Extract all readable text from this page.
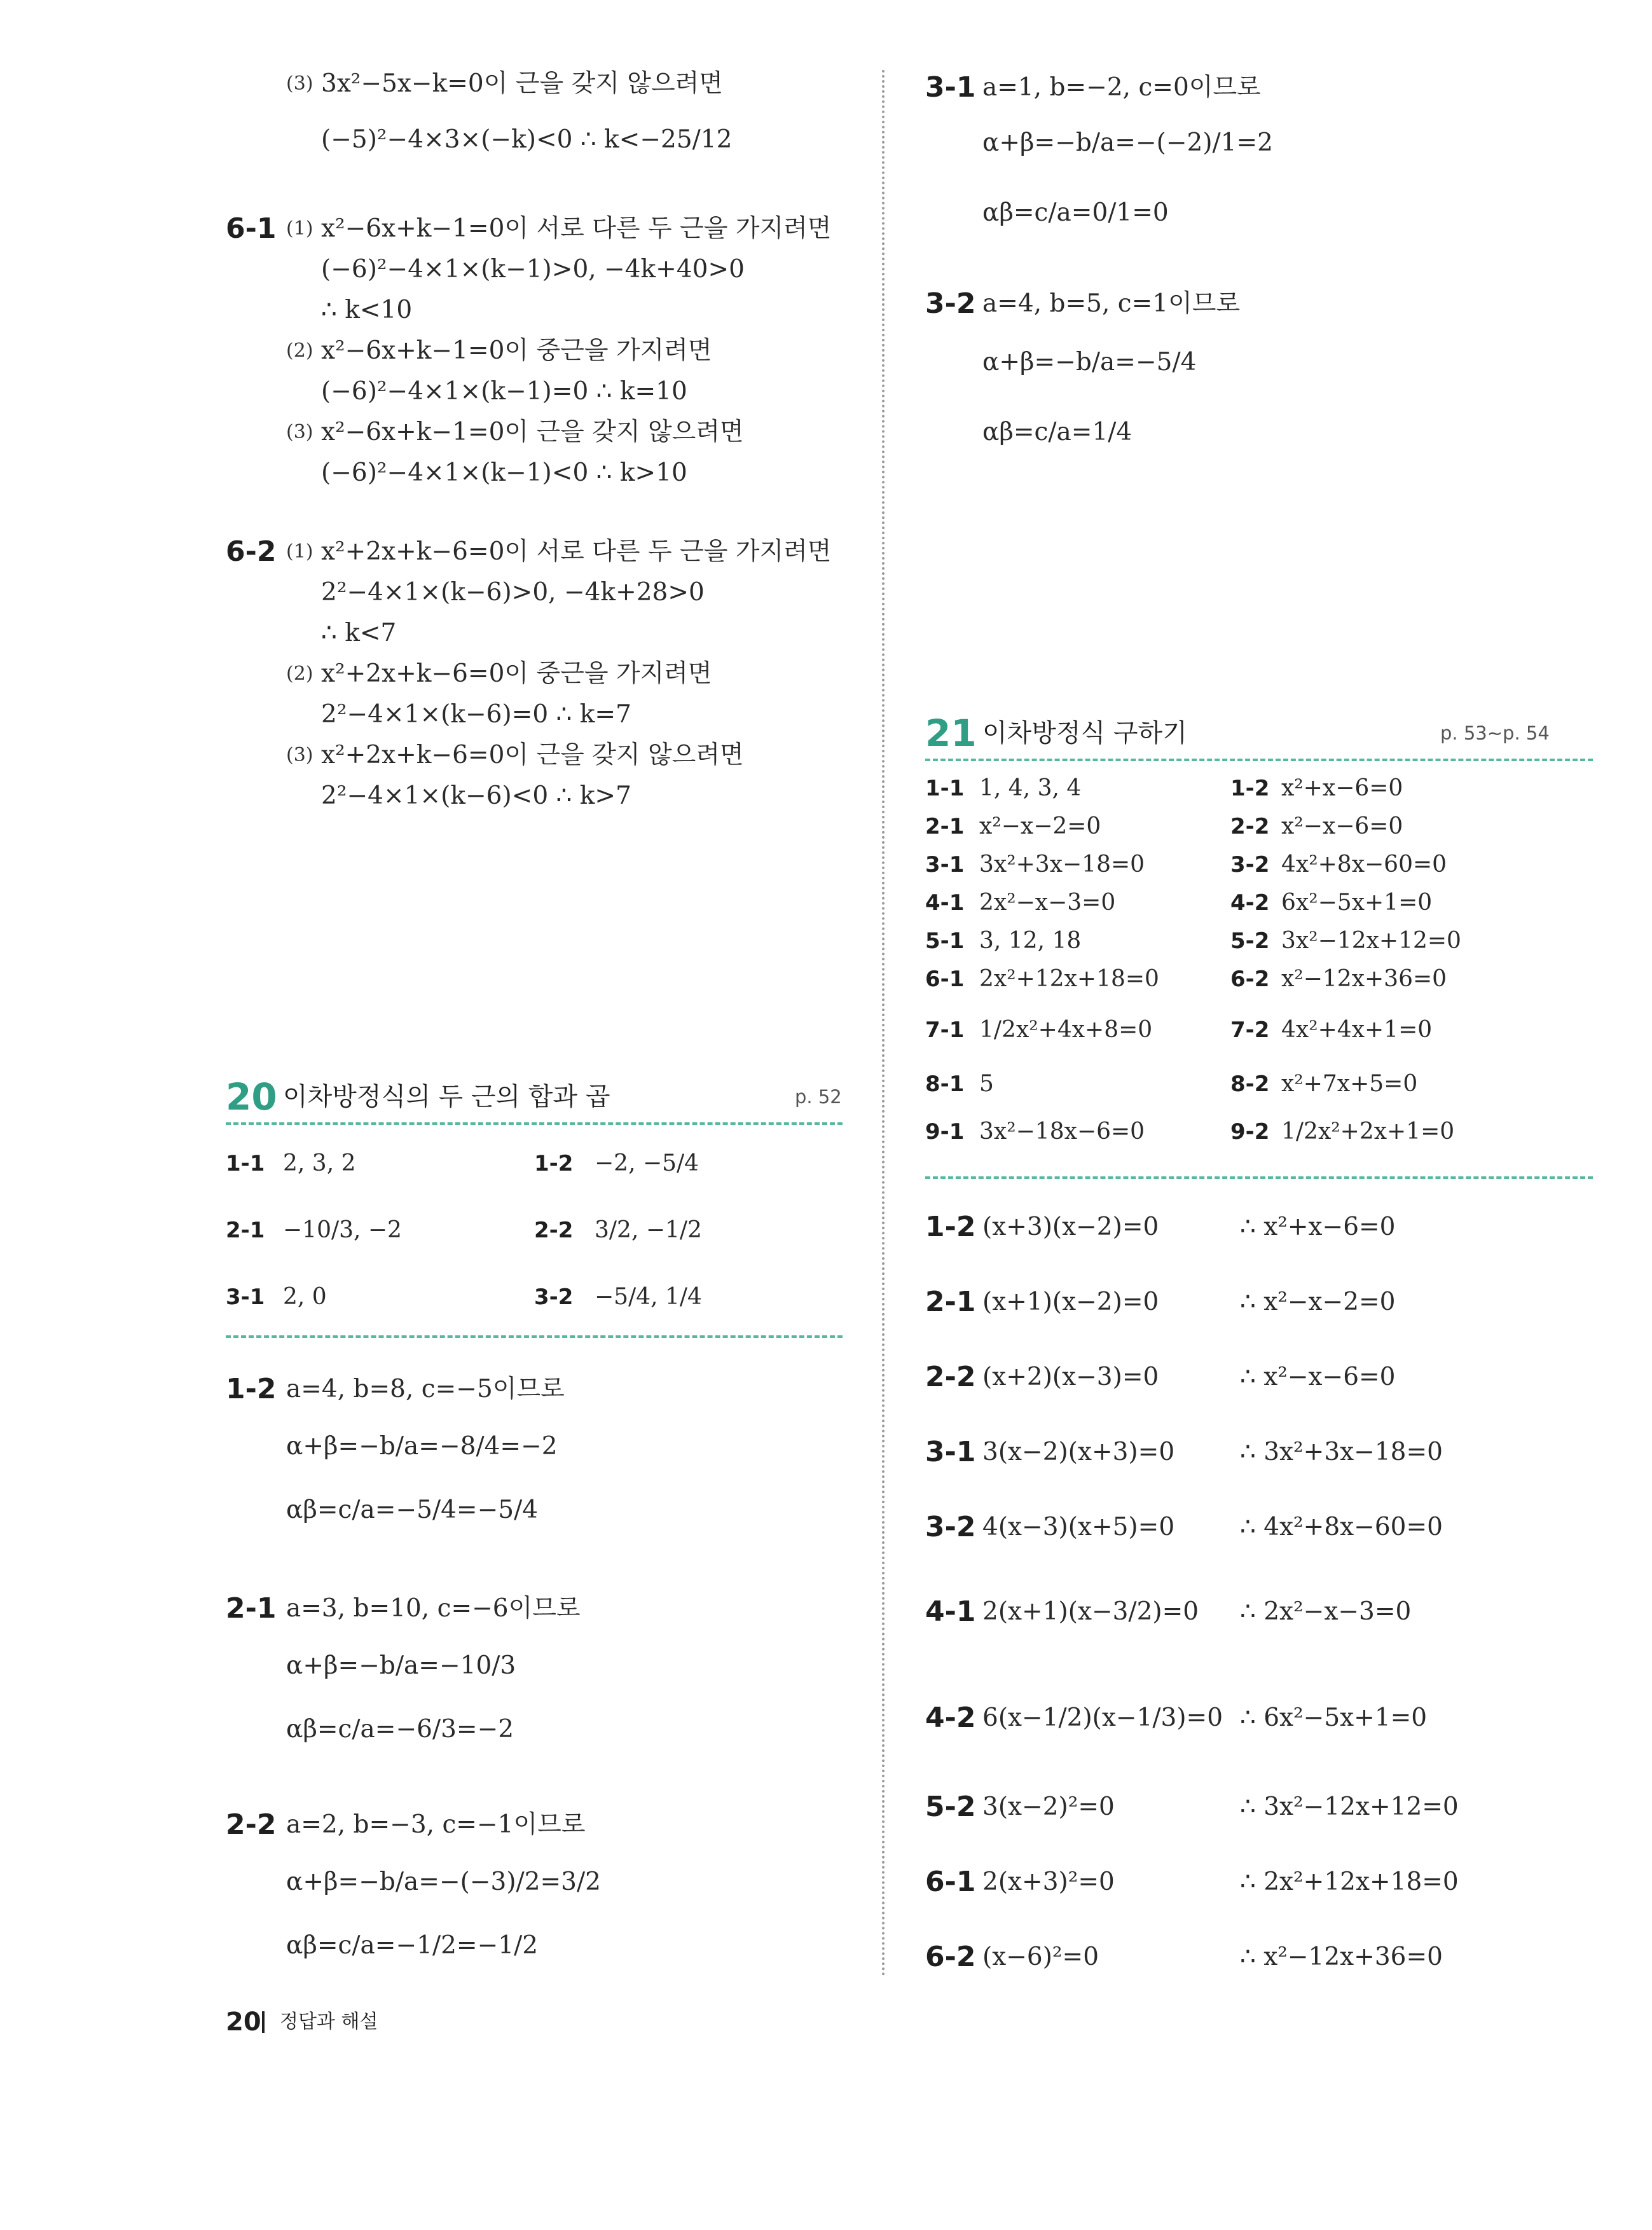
(3) 3x²−5x−k=0이 근을 갖지 않으려면
(−5)²−4×3×(−k)<0 ∴ k<−25/12
6-1 (1) x²−6x+k−1=0이 서로 다른 두 근을 가지려면
(−6)²−4×1×(k−1)>0, −4k+40>0
∴ k<10
(2) x²−6x+k−1=0이 중근을 가지려면
(−6)²−4×1×(k−1)=0 ∴ k=10
(3) x²−6x+k−1=0이 근을 갖지 않으려면
(−6)²−4×1×(k−1)<0 ∴ k>10
6-2 (1) x²+2x+k−6=0이 서로 다른 두 근을 가지려면
2²−4×1×(k−6)>0, −4k+28>0
∴ k<7
(2) x²+2x+k−6=0이 중근을 가지려면
2²−4×1×(k−6)=0 ∴ k=7
(3) x²+2x+k−6=0이 근을 갖지 않으려면
2²−4×1×(k−6)<0 ∴ k>7
20 이차방정식의 두 근의 합과 곱	p. 52
1-1 2, 3, 2	1-2 −2, −5/4
2-1 −10/3, −2	2-2 3/2, −1/2
3-1 2, 0	3-2 −5/4, 1/4
1-2 a=4, b=8, c=−5이므로
α+β=−b/a=−8/4=−2
αβ=c/a=−5/4=−5/4
2-1 a=3, b=10, c=−6이므로
α+β=−b/a=−10/3
αβ=c/a=−6/3=−2
2-2 a=2, b=−3, c=−1이므로
α+β=−b/a=−(−3)/2=3/2
αβ=c/a=−1/2=−1/2
20 정답과 해설
3-1 a=1, b=−2, c=0이므로
α+β=−b/a=−(−2)/1=2
αβ=c/a=0/1=0
3-2 a=4, b=5, c=1이므로
α+β=−b/a=−5/4
αβ=c/a=1/4
21 이차방정식 구하기	p. 53~p. 54
1-1 1, 4, 3, 4	1-2 x²+x−6=0
2-1 x²−x−2=0	2-2 x²−x−6=0
3-1 3x²+3x−18=0	3-2 4x²+8x−60=0
4-1 2x²−x−3=0	4-2 6x²−5x+1=0
5-1 3, 12, 18	5-2 3x²−12x+12=0
6-1 2x²+12x+18=0	6-2 x²−12x+36=0
7-1 1/2x²+4x+8=0	7-2 4x²+4x+1=0
8-1 5	8-2 x²+7x+5=0
9-1 3x²−18x−6=0	9-2 1/2x²+2x+1=0
1-2 (x+3)(x−2)=0	∴ x²+x−6=0
2-1 (x+1)(x−2)=0	∴ x²−x−2=0
2-2 (x+2)(x−3)=0	∴ x²−x−6=0
3-1 3(x−2)(x+3)=0	∴ 3x²+3x−18=0
3-2 4(x−3)(x+5)=0	∴ 4x²+8x−60=0
4-1 2(x+1)(x−3/2)=0 ∴ 2x²−x−3=0
4-2 6(x−1/2)(x−1/3)=0 ∴ 6x²−5x+1=0
5-2 3(x−2)²=0	∴ 3x²−12x+12=0
6-1 2(x+3)²=0	∴ 2x²+12x+18=0
6-2 (x−6)²=0	∴ x²−12x+36=0
